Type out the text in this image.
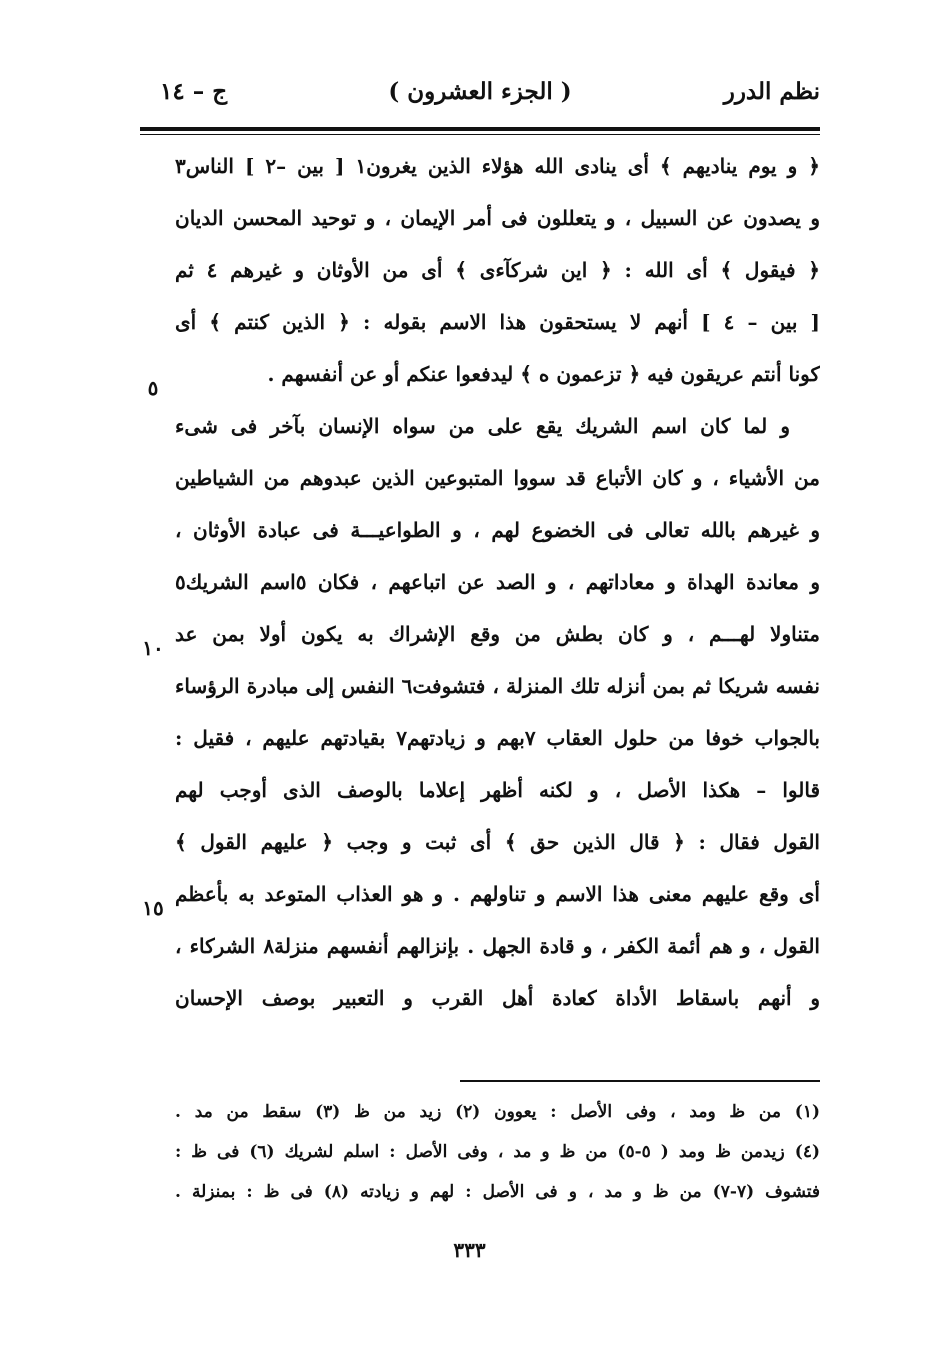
نظم الدرر
( الجزء العشرون )
ج – ١٤
﴿ و يوم يناديهم ﴾ أى ينادى الله هؤلاء الذين يغرون١ [ بين –٢ ] الناس٣
و يصدون عن السبيل ، و يتعللون فى أمر الإيمان ، و توحيد المحسن الديان
﴿ فيقول ﴾ أى الله : ﴿ اين شركآءى ﴾ أى من الأوثان و غيرهم ٤ ثم
[ بين – ٤ ] أنهم لا يستحقون هذا الاسم بقوله : ﴿ الذين كنتم ﴾ أى
كونا أنتم عريقون فيه ﴿ تزعمون ه ﴾ ليدفعوا عنكم أو عن أنفسهم .
و لما كان اسم الشريك يقع على من سواه الإنسان بآخر فى شىء
من الأشياء ، و كان الأتباع قد سووا المتبوعين الذين عبدوهم من الشياطين
و غيرهم بالله تعالى فى الخضوع لهم ، و الطواعيـــة فى عبادة الأوثان ،
و معاندة الهداة و معاداتهم ، و الصد عن اتباعهم ، فكان ٥اسم الشريك٥
متناولا لهـــم ، و كان بطش من وقع الإشراك به يكون أولا بمن عد
نفسه شريكا ثم بمن أنزله تلك المنزلة ، فتشوفت٦ النفس إلى مبادرة الرؤساء
بالجواب خوفا من حلول العقاب ٧بهم و زيادتهم٧ بقيادتهم عليهم ، فقيل :
قالوا – هكذا الأصل ، و لكنه أظهر إعلاما بالوصف الذى أوجب لهم
القول فقال : ﴿ قال الذين حق ﴾ أى ثبت و وجب ﴿ عليهم القول ﴾
أى وقع عليهم معنى هذا الاسم و تناولهم . و هو العذاب المتوعد به بأعظم
القول ، و هم أئمة الكفر ، و قادة الجهل . بإنزالهم أنفسهم منزلة٨ الشركاء ،
و أنهم باسقاط الأداة كعادة أهل القرب و التعبير بوصف الإحسان
٥
١٠
١٥
(١) من ظ ومد ، وفى الأصل : يعوون (٢) زيد من ظ (٣) سقط من مد .
(٤) زيدمن ظ ومد ( ٥-٥) من ظ و مد ، وفى الأصل : اسلم لشريك (٦) فى ظ :
فتشوف (٧-٧) من ظ و مد ، و فى الأصل : لهم و زيادته (٨) فى ظ : بمنزلة .
٣٣٣
